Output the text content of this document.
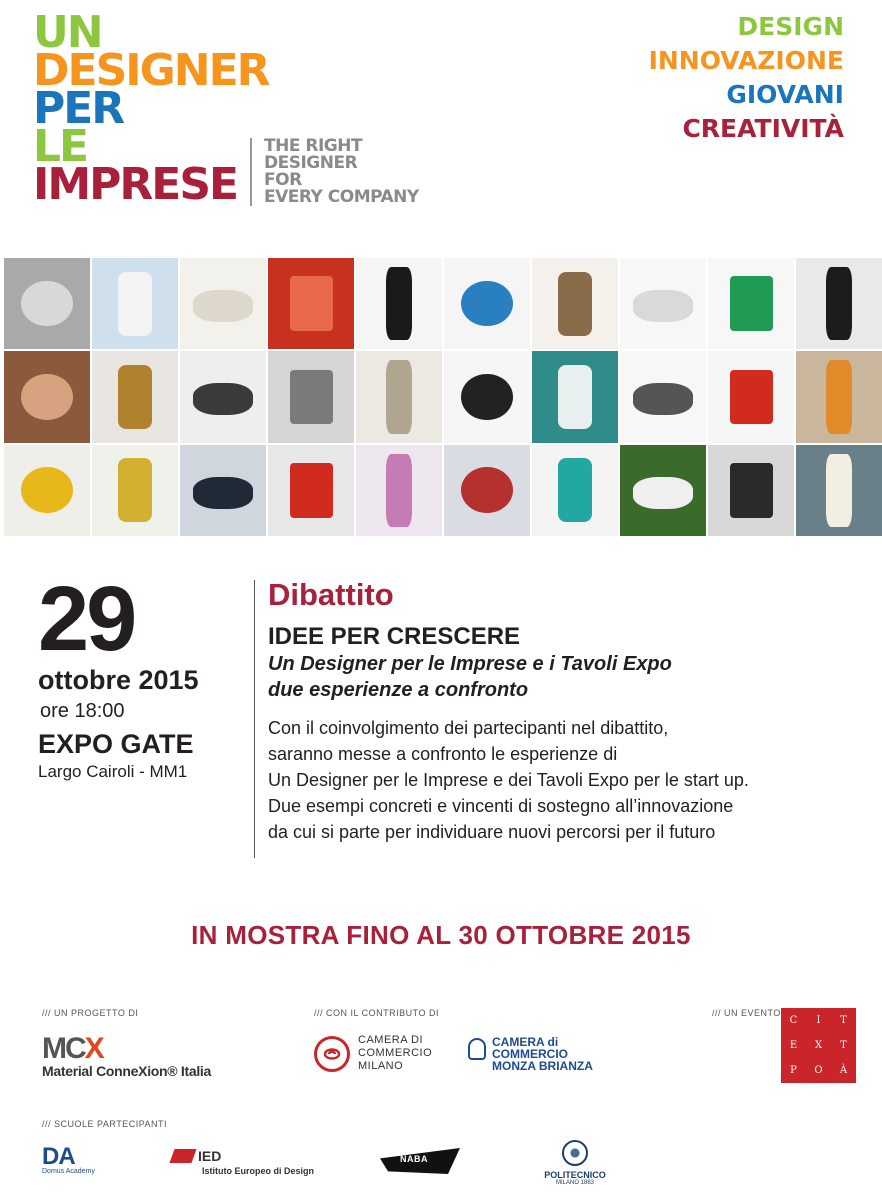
UN
DESIGNER
PER
LE
IMPRESE
THE RIGHT
DESIGNER
FOR
EVERY COMPANY
DESIGN
INNOVAZIONE
GIOVANI
CREATIVITÀ
29
ottobre 2015
ore 18:00
EXPO GATE
Largo Cairoli - MM1
Dibattito
IDEE PER CRESCERE
Un Designer per le Imprese e i Tavoli Expo
due esperienze a confronto
Con il coinvolgimento dei partecipanti nel dibattito,
saranno messe a confronto le esperienze di
Un Designer per le Imprese e dei Tavoli Expo per le start up.
Due esempi concreti e vincenti di sostegno all’innovazione
da cui si parte per individuare nuovi percorsi per il futuro
IN MOSTRA FINO AL 30 OTTOBRE 2015
/// UN PROGETTO DI	/// CON IL CONTRIBUTO DI	/// UN EVENTO
/// SCUOLE PARTECIPANTI
MCX
Material ConneXion® Italia
CAMERA DI
COMMERCIO
MILANO
CAMERA di
COMMERCIO
MONZA BRIANZA
C	I	T
E	X	T
P	O	À
DA
Domus Academy
IED
Istituto Europeo di Design
NABA
POLITECNICO
MILANO 1863
